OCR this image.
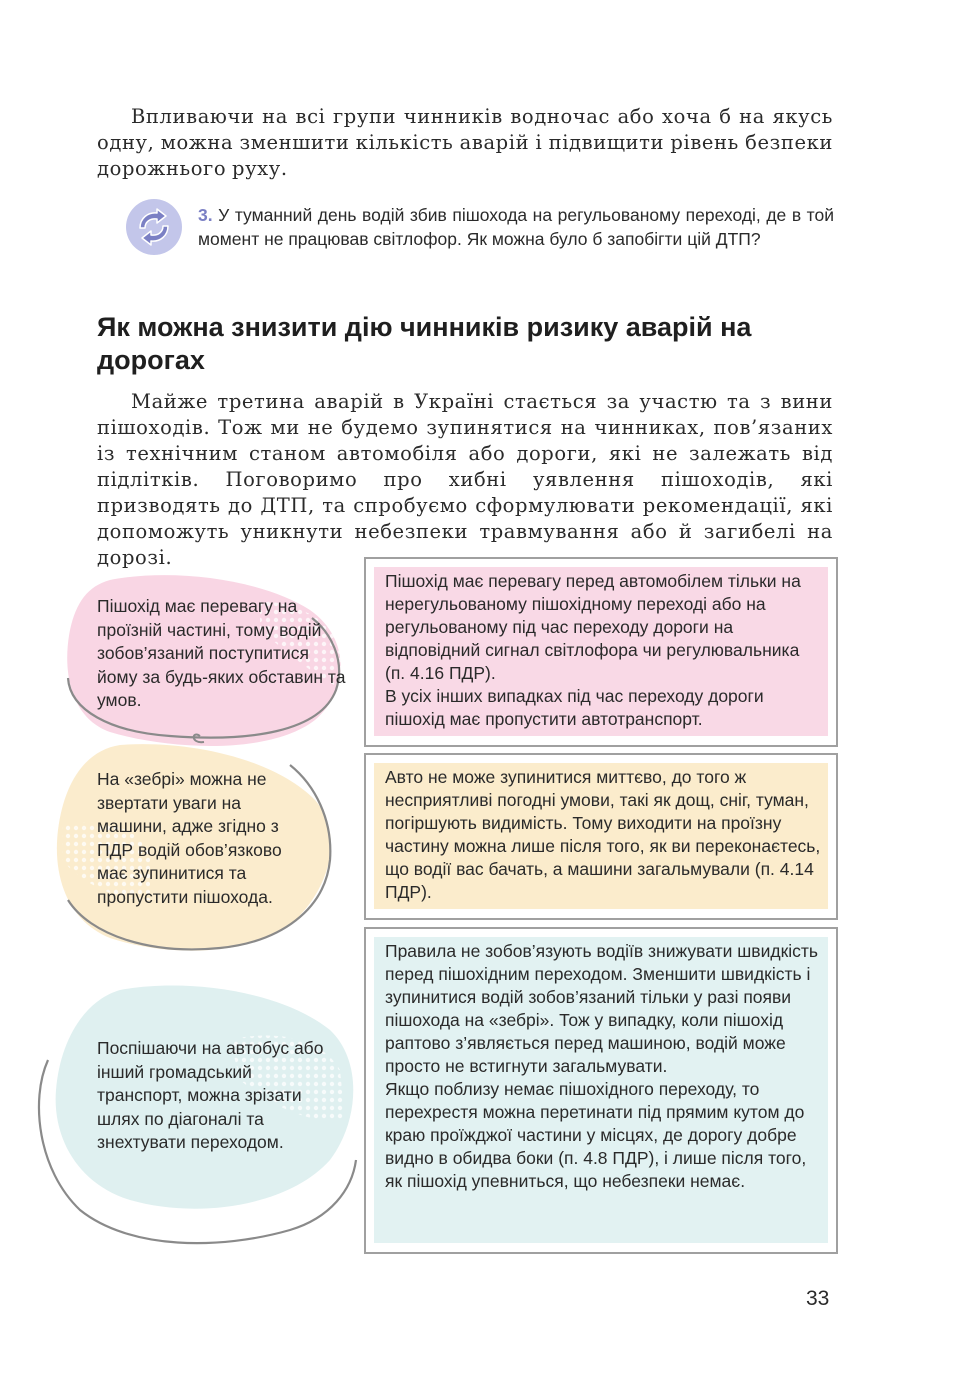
Впливаючи на всі групи чинників водночас або хоча б на якусь одну, можна зменшити кількість аварій і підвищити рівень безпеки дорожнього руху.

3. У туманний день водій збив пішохода на регульованому переході, де в той момент не працював світлофор. Як можна було б запобігти цій ДТП?

Як можна знизити дію чинників ризику аварій на дорогах

Майже третина аварій в Україні стається за участю та з вини пішоходів. Тож ми не будемо зупинятися на чинниках, пов’язаних із технічним станом автомобіля або дороги, які не залежать від підлітків. Поговоримо про хибні уявлення пішоходів, які призводять до ДТП, та спробуємо сформулювати рекомендації, які допоможуть уникнути небезпеки травмування або й загибелі на дорозі.

Пішохід має перевагу на проїзній частині, тому водій зобов’язаний поступитися йому за будь-яких обставин та умов.

На «зебрі» можна не звертати уваги на машини, адже згідно з ПДР водій обов’язково має зупинитися та пропустити пішохода.

Поспішаючи на автобус або інший громадський транспорт, можна зрізати шлях по діагоналі та знехтувати переходом.

Пішохід має перевагу перед автомобілем тільки на нерегульованому пішохідному переході або на регульованому під час переходу дороги на відповідний сигнал світлофора чи регулювальника (п. 4.16 ПДР).
В усіх інших випадках під час переходу дороги пішохід має пропустити автотранспорт.
Авто не може зупинитися миттєво, до того ж несприятливі погодні умови, такі як дощ, сніг, туман, погіршують видимість. Тому виходити на проїзну частину можна лише після того, як ви переконаєтесь, що водії вас бачать, а машини загальмували (п. 4.14 ПДР).
Правила не зобов’язують водіїв знижувати швидкість перед пішохідним переходом. Зменшити швидкість і зупинитися водій зобов’язаний тільки у разі появи пішохода на «зебрі». Тож у випадку, коли пішохід раптово з’являється перед машиною, водій може просто не встигнути загальмувати.
Якщо поблизу немає пішохідного переходу, то перехрестя можна перетинати під прямим кутом до краю проїжджої частини у місцях, де дорогу добре видно в обидва боки (п. 4.8 ПДР), і лише після того, як пішохід упевниться, що небезпеки немає.
33
